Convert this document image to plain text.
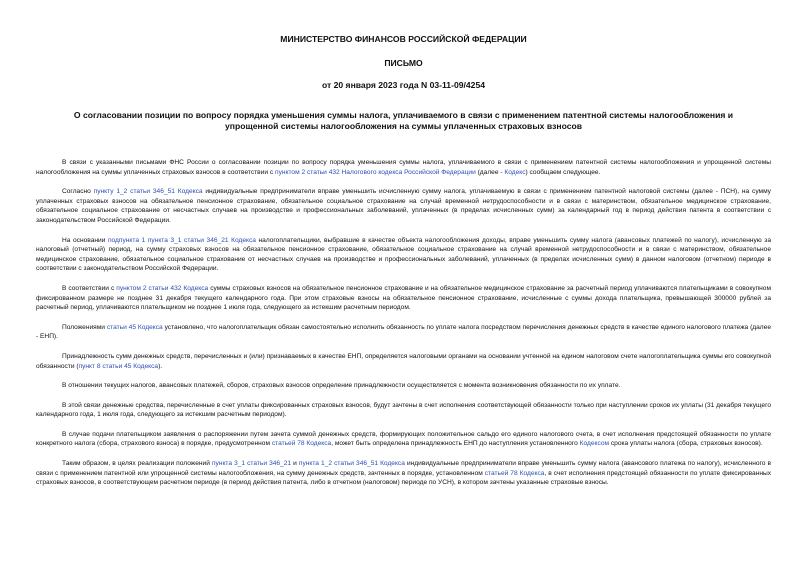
МИНИСТЕРСТВО ФИНАНСОВ РОССИЙСКОЙ ФЕДЕРАЦИИ
ПИСЬМО
от 20 января 2023 года N 03-11-09/4254
О согласовании позиции по вопросу порядка уменьшения суммы налога, уплачиваемого в связи с применением патентной системы налогообложения и упрощенной системы налогообложения на суммы уплаченных страховых взносов

В связи с указанными письмами ФНС России о согласовании позиции по вопросу порядка уменьшения суммы налога, уплачиваемого в связи с применением патентной системы налогообложения и упрощенной системы налогообложения на суммы уплаченных страховых взносов в соответствии с пунктом 2 статьи 432 Налогового кодекса Российской Федерации (далее - Кодекс) сообщаем следующее.

Согласно пункту 1_2 статьи 346_51 Кодекса индивидуальные предприниматели вправе уменьшить исчисленную сумму налога, уплачиваемую в связи с применением патентной налоговой системы (далее - ПСН), на сумму уплаченных страховых взносов на обязательное пенсионное страхование, обязательное социальное страхование на случай временной нетрудоспособности и в связи с материнством, обязательное медицинское страхование, обязательное социальное страхование от несчастных случаев на производстве и профессиональных заболеваний, уплаченных (в пределах исчисленных сумм) за календарный год в период действия патента в соответствии с законодательством Российской Федерации.

На основании подпункта 1 пункта 3_1 статьи 346_21 Кодекса налогоплательщики, выбравшие в качестве объекта налогообложения доходы, вправе уменьшить сумму налога (авансовых платежей по налогу), исчисленную за налоговый (отчетный) период, на сумму страховых взносов на обязательное пенсионное страхование, обязательное социальное страхование на случай временной нетрудоспособности и в связи с материнством, обязательное медицинское страхование, обязательное социальное страхование от несчастных случаев на производстве и профессиональных заболеваний, уплаченных (в пределах исчисленных сумм) в данном налоговом (отчетном) периоде в соответствии с законодательством Российской Федерации.

В соответствии с пунктом 2 статьи 432 Кодекса суммы страховых взносов на обязательное пенсионное страхование и на обязательное медицинское страхование за расчетный период уплачиваются плательщиками в совокупном фиксированном размере не позднее 31 декабря текущего календарного года. При этом страховые взносы на обязательное пенсионное страхование, исчисленные с суммы дохода плательщика, превышающей 300000 рублей за расчетный период, уплачиваются плательщиком не позднее 1 июля года, следующего за истекшим расчетным периодом.

Положениями статьи 45 Кодекса установлено, что налогоплательщик обязан самостоятельно исполнить обязанность по уплате налога посредством перечисления денежных средств в качестве единого налогового платежа (далее - ЕНП).

Принадлежность сумм денежных средств, перечисленных и (или) признаваемых в качестве ЕНП, определяется налоговыми органами на основании учтенной на едином налоговом счете налогоплательщика суммы его совокупной обязанности (пункт 8 статьи 45 Кодекса).

В отношении текущих налогов, авансовых платежей, сборов, страховых взносов определение принадлежности осуществляется с момента возникновения обязанности по их уплате.

В этой связи денежные средства, перечисленные в счет уплаты фиксированных страховых взносов, будут зачтены в счет исполнения соответствующей обязанности только при наступлении сроков их уплаты (31 декабря текущего календарного года, 1 июля года, следующего за истекшим расчетным периодом).

В случае подачи плательщиком заявления о распоряжении путем зачета суммой денежных средств, формирующих положительное сальдо его единого налогового счета, в счет исполнения предстоящей обязанности по уплате конкретного налога (сбора, страхового взноса) в порядке, предусмотренном статьей 78 Кодекса, может быть определена принадлежность ЕНП до наступления установленного Кодексом срока уплаты налога (сбора, страховых взносов).

Таким образом, в целях реализации положений пункта 3_1 статьи 346_21 и пункта 1_2 статьи 346_51 Кодекса индивидуальные предприниматели вправе уменьшить сумму налога (авансового платежа по налогу), исчисленного в связи с применением патентной или упрощенной системы налогообложения, на сумму денежных средств, зачтенных в порядке, установленном статьей 78 Кодекса, в счет исполнения предстоящей обязанности по уплате фиксированных страховых взносов, в соответствующем расчетном периоде (в период действия патента, либо в отчетном (налоговом) периоде по УСН), в котором зачтены указанные страховые взносы.
